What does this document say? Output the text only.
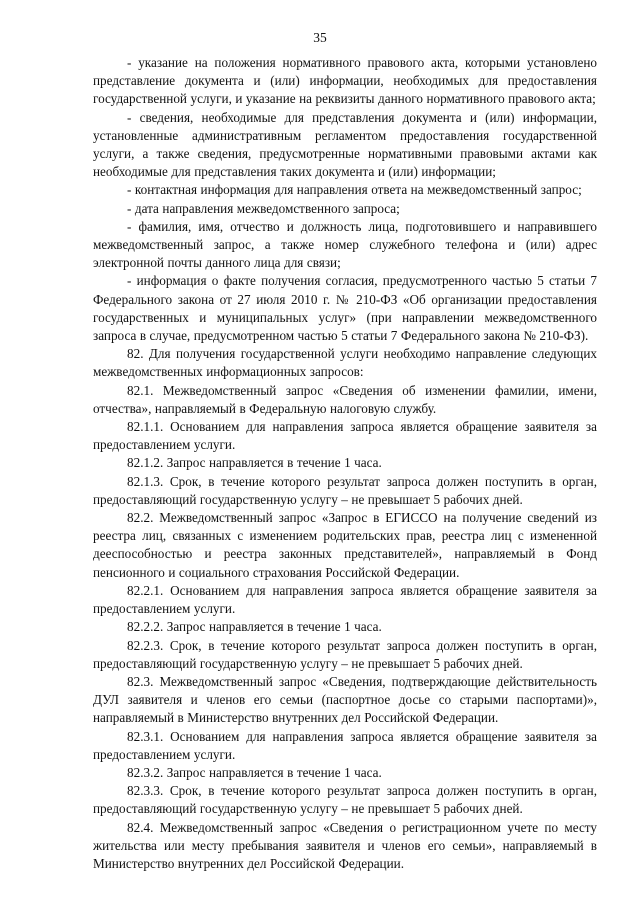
35

- указание на положения нормативного правового акта, которыми установлено представление документа и (или) информации, необходимых для предоставления государственной услуги, и указание на реквизиты данного нормативного правового акта;

- сведения, необходимые для представления документа и (или) информации, установленные административным регламентом предоставления государственной услуги, а также сведения, предусмотренные нормативными правовыми актами как необходимые для представления таких документа и (или) информации;

- контактная информация для направления ответа на межведомственный запрос;

- дата направления межведомственного запроса;

- фамилия, имя, отчество и должность лица, подготовившего и направившего межведомственный запрос, а также номер служебного телефона и (или) адрес электронной почты данного лица для связи;

- информация о факте получения согласия, предусмотренного частью 5 статьи 7 Федерального закона от 27 июля 2010 г. № 210-ФЗ «Об организации предоставления государственных и муниципальных услуг» (при направлении межведомственного запроса в случае, предусмотренном частью 5 статьи 7 Федерального закона № 210-ФЗ).

82. Для получения государственной услуги необходимо направление следующих межведомственных информационных запросов:

82.1. Межведомственный запрос «Сведения об изменении фамилии, имени, отчества», направляемый в Федеральную налоговую службу.

82.1.1. Основанием для направления запроса является обращение заявителя за предоставлением услуги.

82.1.2. Запрос направляется в течение 1 часа.

82.1.3. Срок, в течение которого результат запроса должен поступить в орган, предоставляющий государственную услугу – не превышает 5 рабочих дней.

82.2. Межведомственный запрос «Запрос в ЕГИССО на получение сведений из реестра лиц, связанных с изменением родительских прав, реестра лиц с измененной дееспособностью и реестра законных представителей», направляемый в Фонд пенсионного и социального страхования Российской Федерации.

82.2.1. Основанием для направления запроса является обращение заявителя за предоставлением услуги.

82.2.2. Запрос направляется в течение 1 часа.

82.2.3. Срок, в течение которого результат запроса должен поступить в орган, предоставляющий государственную услугу – не превышает 5 рабочих дней.

82.3. Межведомственный запрос «Сведения, подтверждающие действительность ДУЛ заявителя и членов его семьи (паспортное досье со старыми паспортами)», направляемый в Министерство внутренних дел Российской Федерации.

82.3.1. Основанием для направления запроса является обращение заявителя за предоставлением услуги.

82.3.2. Запрос направляется в течение 1 часа.

82.3.3. Срок, в течение которого результат запроса должен поступить в орган, предоставляющий государственную услугу – не превышает 5 рабочих дней.

82.4. Межведомственный запрос «Сведения о регистрационном учете по месту жительства или месту пребывания заявителя и членов его семьи», направляемый в Министерство внутренних дел Российской Федерации.
